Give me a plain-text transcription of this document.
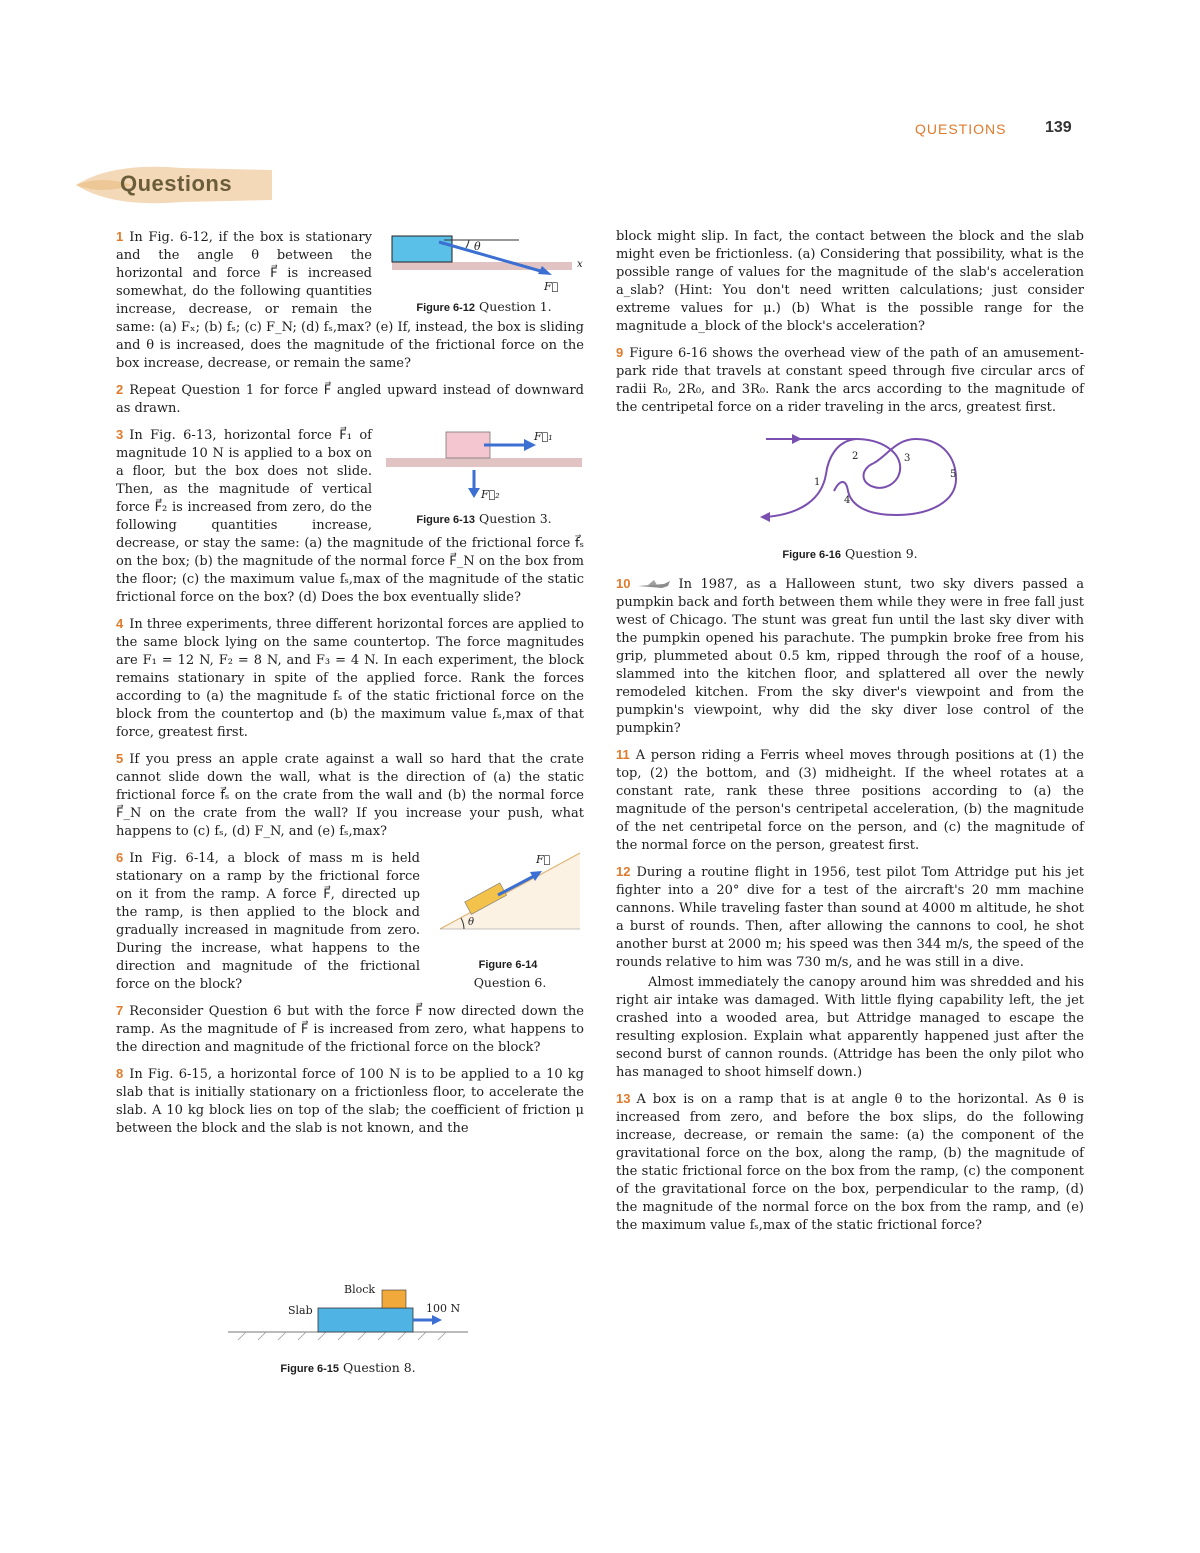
QUESTIONS 139
Questions
θ
F⃗
x
Figure 6-12 Question 1.

1 In Fig. 6-12, if the box is stationary and the angle θ between the horizontal and force F⃗ is increased somewhat, do the following quantities increase, decrease, or remain the same: (a) Fₓ; (b) fₛ; (c) F_N; (d) fₛ,max? (e) If, instead, the box is sliding and θ is increased, does the magnitude of the frictional force on the box increase, decrease, or remain the same?

2 Repeat Question 1 for force F⃗ angled upward instead of downward as drawn.

F⃗₁
F⃗₂
Figure 6-13 Question 3.

3 In Fig. 6-13, horizontal force F⃗₁ of magnitude 10 N is applied to a box on a floor, but the box does not slide. Then, as the magnitude of vertical force F⃗₂ is increased from zero, do the following quantities increase, decrease, or stay the same: (a) the magnitude of the frictional force f⃗ₛ on the box; (b) the magnitude of the normal force F⃗_N on the box from the floor; (c) the maximum value fₛ,max of the magnitude of the static frictional force on the box? (d) Does the box eventually slide?

4 In three experiments, three different horizontal forces are applied to the same block lying on the same countertop. The force magnitudes are F₁ = 12 N, F₂ = 8 N, and F₃ = 4 N. In each experiment, the block remains stationary in spite of the applied force. Rank the forces according to (a) the magnitude fₛ of the static frictional force on the block from the countertop and (b) the maximum value fₛ,max of that force, greatest first.

5 If you press an apple crate against a wall so hard that the crate cannot slide down the wall, what is the direction of (a) the static frictional force f⃗ₛ on the crate from the wall and (b) the normal force F⃗_N on the crate from the wall? If you increase your push, what happens to (c) fₛ, (d) F_N, and (e) fₛ,max?

θ
F⃗
Figure 6-14
Question 6.

6 In Fig. 6-14, a block of mass m is held stationary on a ramp by the frictional force on it from the ramp. A force F⃗, directed up the ramp, is then applied to the block and gradually increased in magnitude from zero. During the increase, what happens to the direction and magnitude of the frictional force on the block?

7 Reconsider Question 6 but with the force F⃗ now directed down the ramp. As the magnitude of F⃗ is increased from zero, what happens to the direction and magnitude of the frictional force on the block?

8 In Fig. 6-15, a horizontal force of 100 N is to be applied to a 10 kg slab that is initially stationary on a frictionless floor, to accelerate the slab. A 10 kg block lies on top of the slab; the coefficient of friction μ between the block and the slab is not known, and the

Block
Slab	100 N
Figure 6-15 Question 8.

block might slip. In fact, the contact between the block and the slab might even be frictionless. (a) Considering that possibility, what is the possible range of values for the magnitude of the slab's acceleration a_slab? (Hint: You don't need written calculations; just consider extreme values for μ.) (b) What is the possible range for the magnitude a_block of the block's acceleration?

9 Figure 6-16 shows the overhead view of the path of an amusement-park ride that travels at constant speed through five circular arcs of radii R₀, 2R₀, and 3R₀. Rank the arcs according to the magnitude of the centripetal force on a rider traveling in the arcs, greatest first.

1
2	3
4
5
Figure 6-16 Question 9.

10	In 1987, as a Halloween stunt, two sky divers passed a pumpkin back and forth between them while they were in free fall just west of Chicago. The stunt was great fun until the last sky diver with the pumpkin opened his parachute. The pumpkin broke free from his grip, plummeted about 0.5 km, ripped through the roof of a house, slammed into the kitchen floor, and splattered all over the newly remodeled kitchen. From the sky diver's viewpoint and from the pumpkin's viewpoint, why did the sky diver lose control of the pumpkin?

11 A person riding a Ferris wheel moves through positions at (1) the top, (2) the bottom, and (3) midheight. If the wheel rotates at a constant rate, rank these three positions according to (a) the magnitude of the person's centripetal acceleration, (b) the magnitude of the net centripetal force on the person, and (c) the magnitude of the normal force on the person, greatest first.

12 During a routine flight in 1956, test pilot Tom Attridge put his jet fighter into a 20° dive for a test of the aircraft's 20 mm machine cannons. While traveling faster than sound at 4000 m altitude, he shot a burst of rounds. Then, after allowing the cannons to cool, he shot another burst at 2000 m; his speed was then 344 m/s, the speed of the rounds relative to him was 730 m/s, and he was still in a dive.

Almost immediately the canopy around him was shredded and his right air intake was damaged. With little flying capability left, the jet crashed into a wooded area, but Attridge managed to escape the resulting explosion. Explain what apparently happened just after the second burst of cannon rounds. (Attridge has been the only pilot who has managed to shoot himself down.)

13 A box is on a ramp that is at angle θ to the horizontal. As θ is increased from zero, and before the box slips, do the following increase, decrease, or remain the same: (a) the component of the gravitational force on the box, along the ramp, (b) the magnitude of the static frictional force on the box from the ramp, (c) the component of the gravitational force on the box, perpendicular to the ramp, (d) the magnitude of the normal force on the box from the ramp, and (e) the maximum value fₛ,max of the static frictional force?
